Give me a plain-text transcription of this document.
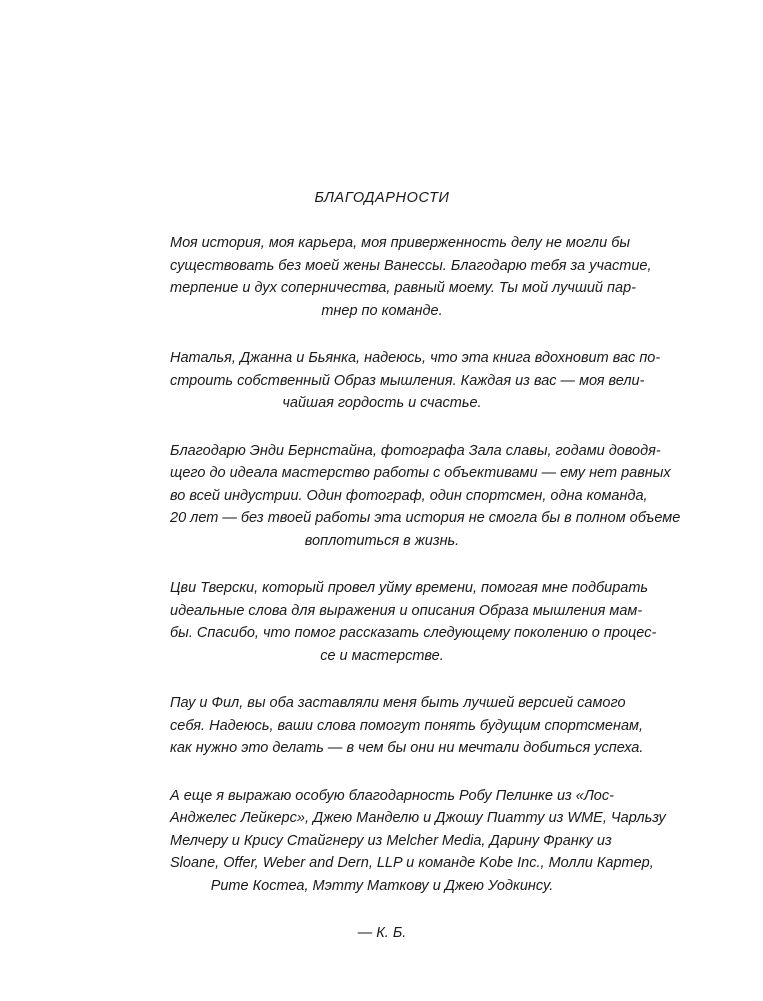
БЛАГОДАРНОСТИ
Моя история, моя карьера, моя приверженность делу не могли бы
существовать без моей жены Ванессы. Благодарю тебя за участие,
терпение и дух соперничества, равный моему. Ты мой лучший пар-
тнер по команде.
Наталья, Джанна и Бьянка, надеюсь, что эта книга вдохновит вас по-
строить собственный Образ мышления. Каждая из вас — моя вели-
чайшая гордость и счастье.
Благодарю Энди Бернстайна, фотографа Зала славы, годами доводя-
щего до идеала мастерство работы с объективами — ему нет равных
во всей индустрии. Один фотограф, один спортсмен, одна команда,
20 лет — без твоей работы эта история не смогла бы в полном объеме
воплотиться в жизнь.
Цви Тверски, который провел уйму времени, помогая мне подбирать
идеальные слова для выражения и описания Образа мышления мам-
бы. Спасибо, что помог рассказать следующему поколению о процес-
се и мастерстве.
Пау и Фил, вы оба заставляли меня быть лучшей версией самого
себя. Надеюсь, ваши слова помогут понять будущим спортсменам,
как нужно это делать — в чем бы они ни мечтали добиться успеха.
А еще я выражаю особую благодарность Робу Пелинке из «Лос-
Анджелес Лейкерс», Джею Манделю и Джошу Пиатту из WME, Чарльзу
Мелчеру и Крису Стайгнеру из Melcher Media, Дарину Франку из
Sloane, Offer, Weber and Dern, LLP и команде Kobe Inc., Молли Картер,
Рите Костеа, Мэтту Маткову и Джею Уодкинсу.
— К. Б.
